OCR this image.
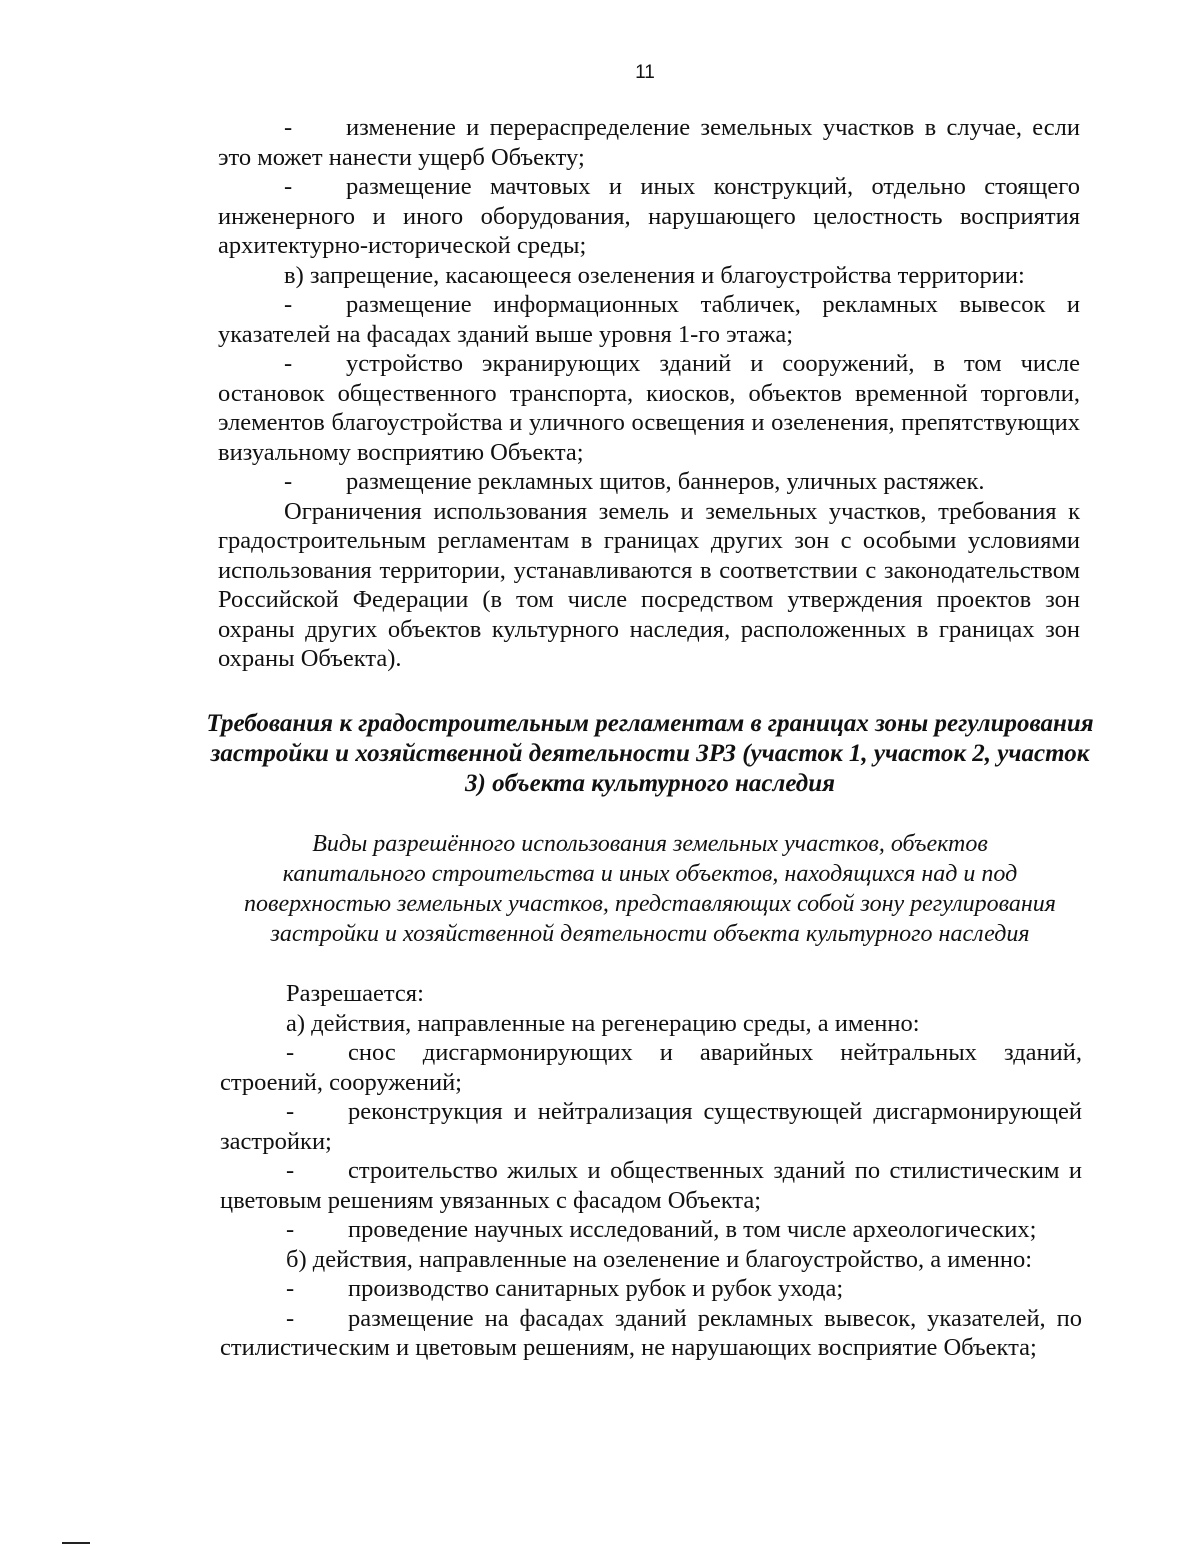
11

- изменение и перераспределение земельных участков в случае, если это может нанести ущерб Объекту;

- размещение мачтовых и иных конструкций, отдельно стоящего инженерного и иного оборудования, нарушающего целостность восприятия архитектурно-исторической среды;

в) запрещение, касающееся озеленения и благоустройства территории:

- размещение информационных табличек, рекламных вывесок и указателей на фасадах зданий выше уровня 1-го этажа;

- устройство экранирующих зданий и сооружений, в том числе остановок общественного транспорта, киосков, объектов временной торговли, элементов благоустройства и уличного освещения и озеленения, препятствующих визуальному восприятию Объекта;

- размещение рекламных щитов, баннеров, уличных растяжек.

Ограничения использования земель и земельных участков, требования к градостроительным регламентам в границах других зон с особыми условиями использования территории, устанавливаются в соответствии с законодательством Российской Федерации (в том числе посредством утверждения проектов зон охраны других объектов культурного наследия, расположенных в границах зон охраны Объекта).

Требования к градостроительным регламентам в границах зоны регулирования застройки и хозяйственной деятельности ЗРЗ (участок 1, участок 2, участок 3) объекта культурного наследия
Виды разрешённого использования земельных участков, объектов капитального строительства и иных объектов, находящихся над и под поверхностью земельных участков, представляющих собой зону регулирования застройки и хозяйственной деятельности объекта культурного наследия

Разрешается:

а) действия, направленные на регенерацию среды, а именно:

- снос дисгармонирующих и аварийных нейтральных зданий, строений, сооружений;

- реконструкция и нейтрализация существующей дисгармонирующей застройки;

- строительство жилых и общественных зданий по стилистическим и цветовым решениям увязанных с фасадом Объекта;

- проведение научных исследований, в том числе археологических;

б) действия, направленные на озеленение и благоустройство, а именно:

- производство санитарных рубок и рубок ухода;

- размещение на фасадах зданий рекламных вывесок, указателей, по стилистическим и цветовым решениям, не нарушающих восприятие Объекта;
